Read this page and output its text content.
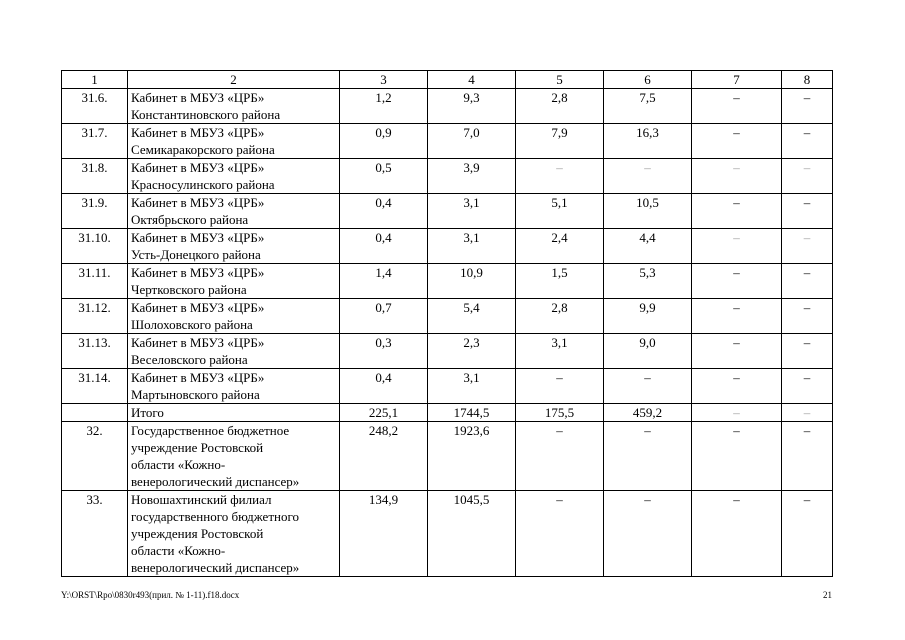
1	2	3	4	5	6	7	8
31.6.	Кабинет в МБУЗ «ЦРБ»
Константиновского района	1,2	9,3	2,8	7,5	–	–
31.7.	Кабинет в МБУЗ «ЦРБ»
Семикаракорского района	0,9	7,0	7,9	16,3	–	–
31.8.	Кабинет в МБУЗ «ЦРБ»
Красносулинского района	0,5	3,9	–	–	–	–
31.9.	Кабинет в МБУЗ «ЦРБ»
Октябрьского района	0,4	3,1	5,1	10,5	–	–
31.10.	Кабинет в МБУЗ «ЦРБ»
Усть-Донецкого района	0,4	3,1	2,4	4,4	–	–
31.11.	Кабинет в МБУЗ «ЦРБ»
Чертковского района	1,4	10,9	1,5	5,3	–	–
31.12.	Кабинет в МБУЗ «ЦРБ»
Шолоховского района	0,7	5,4	2,8	9,9	–	–
31.13.	Кабинет в МБУЗ «ЦРБ»
Веселовского района	0,3	2,3	3,1	9,0	–	–
31.14.	Кабинет в МБУЗ «ЦРБ»
Мартыновского района	0,4	3,1	–	–	–	–
	Итого	225,1	1744,5	175,5	459,2	–	–
32.	Государственное бюджетное
учреждение Ростовской
области «Кожно-
венерологический диспансер»	248,2	1923,6	–	–	–	–
33.	Новошахтинский филиал
государственного бюджетного
учреждения Ростовской
области «Кожно-
венерологический диспансер»	134,9	1045,5	–	–	–	–
Y:\ORST\Rpo\0830r493(прил. № 1-11).f18.docx	21
